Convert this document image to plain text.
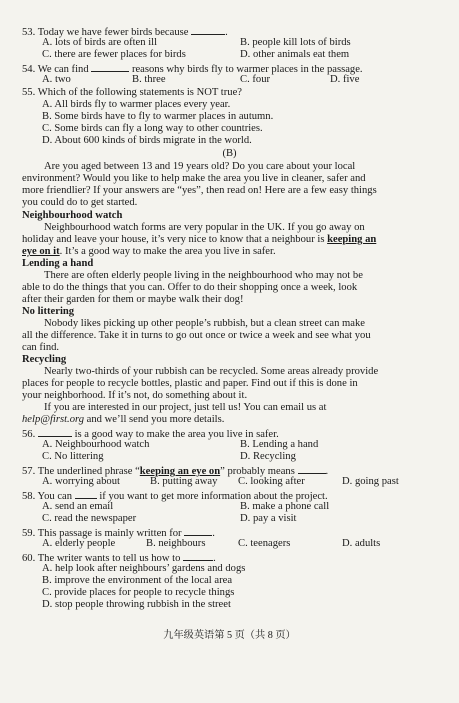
53. Today we have fewer birds because	.
A. lots of birds are often ill	B. people kill lots of birds
C. there are fewer places for birds	D. other animals eat them
54. We can find	reasons why birds fly to warmer places in the passage.
A. two	B. three	C. four	D. five
55. Which of the following statements is NOT true?
A. All birds fly to warmer places every year.
B. Some birds have to fly to warmer places in autumn.
C. Some birds can fly a long way to other countries.
D. About 600 kinds of birds migrate in the world.
(B)
Are you aged between 13 and 19 years old? Do you care about your local
environment? Would you like to help make the area you live in cleaner, safer and
more friendlier? If your answers are “yes”, then read on! Here are a few easy things
you could do to get started.
Neighbourhood watch
Neighbourhood watch forms are very popular in the UK. If you go away on
holiday and leave your house, it’s very nice to know that a neighbour is keeping an
eye on it. It’s a good way to make the area you live in safer.
Lending a hand
There are often elderly people living in the neighbourhood who may not be
able to do the things that you can. Offer to do their shopping once a week, look
after their garden for them or maybe walk their dog!
No littering
Nobody likes picking up other people’s rubbish, but a clean street can make
all the difference. Take it in turns to go out once or twice a week and see what you
can find.
Recycling
Nearly two-thirds of your rubbish can be recycled. Some areas already provide
places for people to recycle bottles, plastic and paper. Find out if this is done in
your neighborhood. If it’s not, do something about it.
If you are interested in our project, just tell us! You can email us at
help@first.org and we’ll send you more details.
56.	is a good way to make the area you live in safer.
A. Neighbourhood watch	B. Lending a hand
C. No littering	D. Recycling
57. The underlined phrase “keeping an eye on” probably means	.
A. worrying about	B. putting away C. looking after	D. going past
58. You can	if you want to get more information about the project.
A. send an email	B. make a phone call
C. read the newspaper	D. pay a visit
59. This passage is mainly written for	.
A. elderly people	B. neighbours	C. teenagers	D. adults
60. The writer wants to tell us how to	.
A. help look after neighbours’ gardens and dogs
B. improve the environment of the local area
C. provide places for people to recycle things
D. stop people throwing rubbish in the street
九年级英语第 5 页（共 8 页）
